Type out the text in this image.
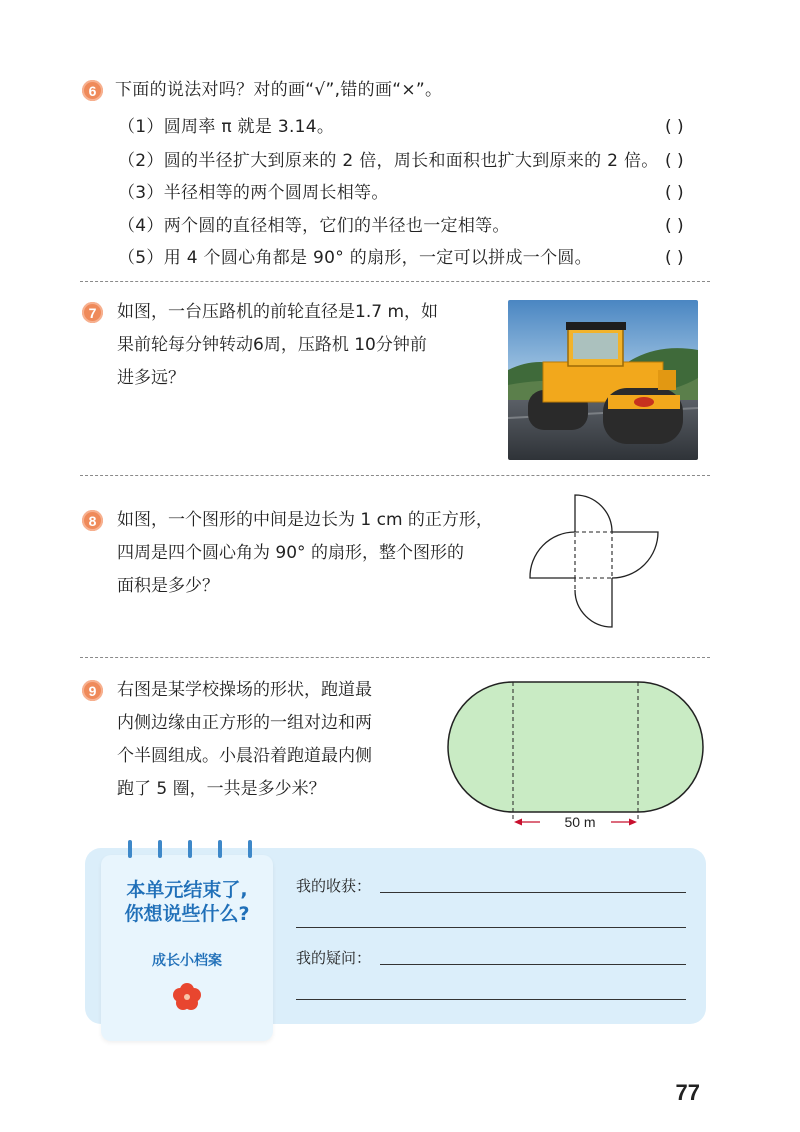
6 下面的说法对吗？对的画“√”,错的画“×”。
（1）圆周率 π 就是 3.14。	( )
（2）圆的半径扩大到原来的 2 倍，周长和面积也扩大到原来的 2 倍。 ( )
（3）半径相等的两个圆周长相等。	( )
（4）两个圆的直径相等，它们的半径也一定相等。	( )
（5）用 4 个圆心角都是 90° 的扇形，一定可以拼成一个圆。	( )
7 如图，一台压路机的前轮直径是1.7 m，如
果前轮每分钟转动6周，压路机 10分钟前
进多远？
8 如图，一个图形的中间是边长为 1 cm 的正方形，
四周是四个圆心角为 90° 的扇形，整个图形的
面积是多少？
9 右图是某学校操场的形状，跑道最
内侧边缘由正方形的一组对边和两
个半圆组成。小晨沿着跑道最内侧
跑了 5 圈，一共是多少米？
50 m
本单元结束了,
你想说些什么?
成长小档案
我的收获：
我的疑问：
77
